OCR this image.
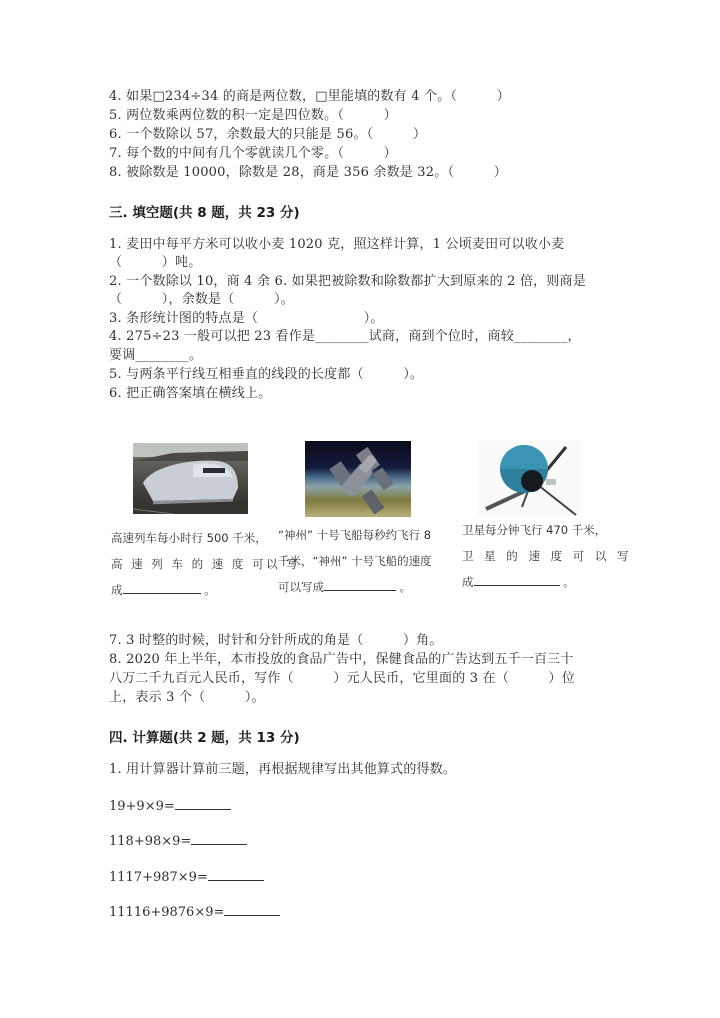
4. 如果□234÷34 的商是两位数，□里能填的数有 4 个。（　　　）
5. 两位数乘两位数的积一定是四位数。（　　　）
6. 一个数除以 57，余数最大的只能是 56。（　　　）
7. 每个数的中间有几个零就读几个零。（　　　）
8. 被除数是 10000，除数是 28，商是 356 余数是 32。（　　　）
三. 填空题(共 8 题，共 23 分)
1. 麦田中每平方米可以收小麦 1020 克，照这样计算，1 公顷麦田可以收小麦
（　　　）吨。
2. 一个数除以 10，商 4 余 6. 如果把被除数和除数都扩大到原来的 2 倍，则商是
（　　　），余数是（　　　）。
3. 条形统计图的特点是（　　　　　　　　）。
4. 275÷23 一般可以把 23 看作是________试商，商到个位时，商较________，
要调________。
5. 与两条平行线互相垂直的线段的长度都（　　　）。
6. 把正确答案填在横线上。
高速列车每小时行 500 千米，
高 速 列 车 的 速 度 可以 写
成	。
“神州” 十号飞船每秒约飞行 8
千米，“神州” 十号飞船的速度
可以写成	。
卫星每分钟飞行 470 千米，
卫 星 的 速 度 可 以 写
成	。
7. 3 时整的时候，时针和分针所成的角是（　　　）角。
8. 2020 年上半年，本市投放的食品广告中，保健食品的广告达到五千一百三十
八万二千九百元人民币，写作（　　　）元人民币，它里面的 3 在（　　　）位
上，表示 3 个（　　　）。
四. 计算题(共 2 题，共 13 分)
1. 用计算器计算前三题，再根据规律写出其他算式的得数。
19+9×9=
118+98×9=
1117+987×9=
11116+9876×9=
